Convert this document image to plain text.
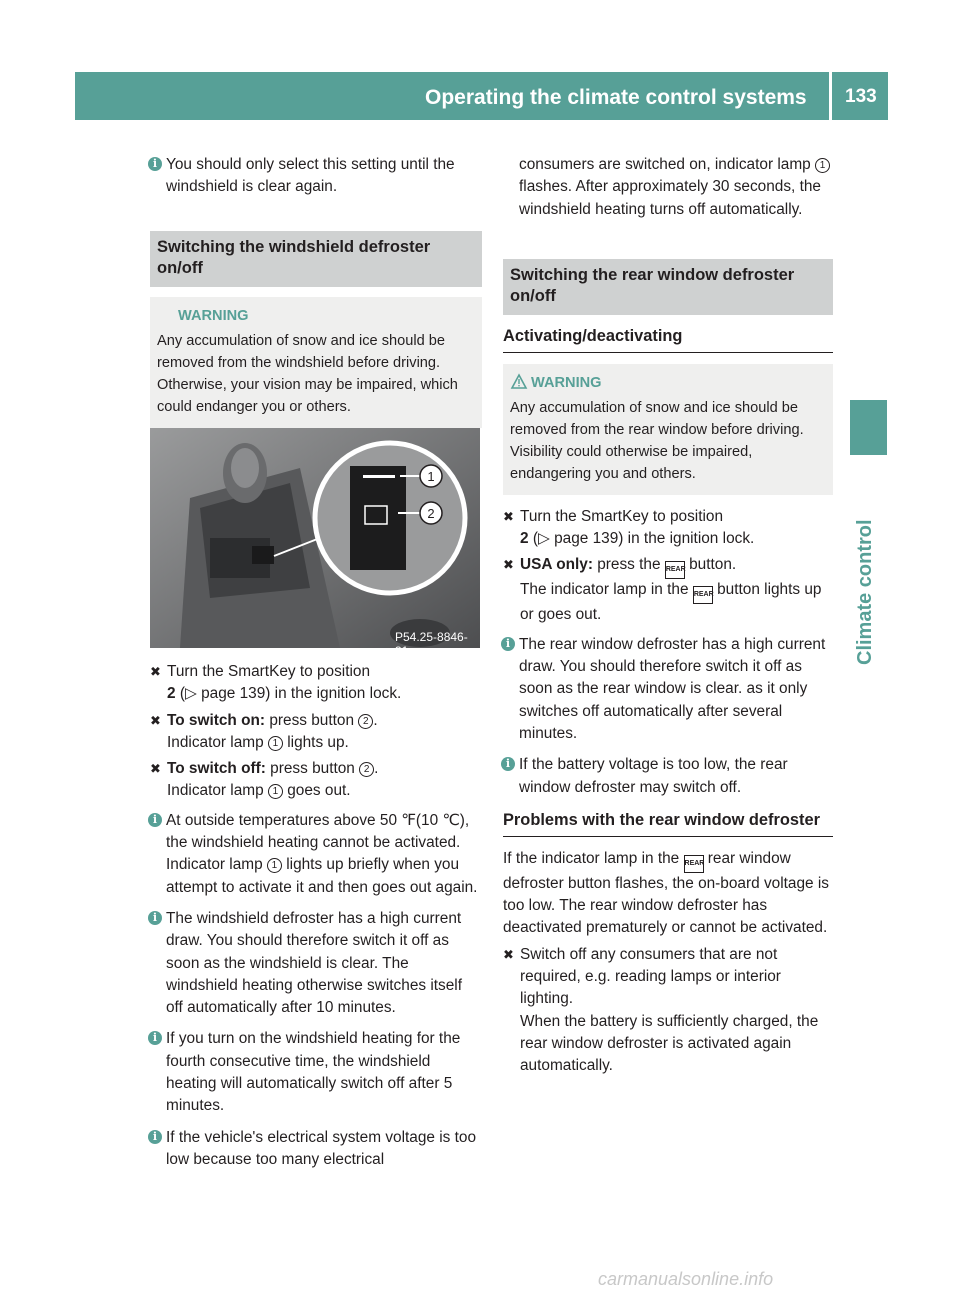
Operating the climate control systems 133
Climate control

i You should only select this setting until the windshield is clear again.

Switching the windshield defroster on/off
WARNING
Any accumulation of snow and ice should be removed from the windshield before driving. Otherwise, your vision may be impaired, which could endanger you or others.
1
2
P54.25-8846-31
✖ Turn the SmartKey to position
2 (▷ page 139) in the ignition lock.
✖ To switch on: press button 2 .
Indicator lamp 1 lights up.
✖ To switch off: press button 2 .
Indicator lamp 1 goes out.

i At outside temperatures above 50 ℉(10 ℃), the windshield heating cannot be activated. Indicator lamp 1 lights up briefly when you attempt to activate it and then goes out again.

i The windshield defroster has a high current draw. You should therefore switch it off as soon as the windshield is clear. The windshield heating otherwise switches itself off automatically after 10 minutes.

i If you turn on the windshield heating for the fourth consecutive time, the windshield heating will automatically switch off after 5 minutes.

i If the vehicle's electrical system voltage is too low because too many electrical

consumers are switched on, indicator lamp 1 flashes. After approximately 30 seconds, the windshield heating turns off automatically.

Switching the rear window defroster on/off
Activating/deactivating
WARNING
Any accumulation of snow and ice should be removed from the rear window before driving. Visibility could otherwise be impaired, endangering you and others.
✖ Turn the SmartKey to position
2 (▷ page 139) in the ignition lock.
✖ USA only: press the REAR button.
The indicator lamp in the REAR button lights up or goes out.

i The rear window defroster has a high current draw. You should therefore switch it off as soon as the rear window is clear. as it only switches off automatically after several minutes.

i If the battery voltage is too low, the rear window defroster may switch off.

Problems with the rear window defroster

If the indicator lamp in the REAR rear window defroster button flashes, the on-board voltage is too low. The rear window defroster has deactivated prematurely or cannot be activated.

✖ Switch off any consumers that are not required, e.g. reading lamps or interior lighting.
When the battery is sufficiently charged, the rear window defroster is activated again automatically.
carmanualsonline.info
